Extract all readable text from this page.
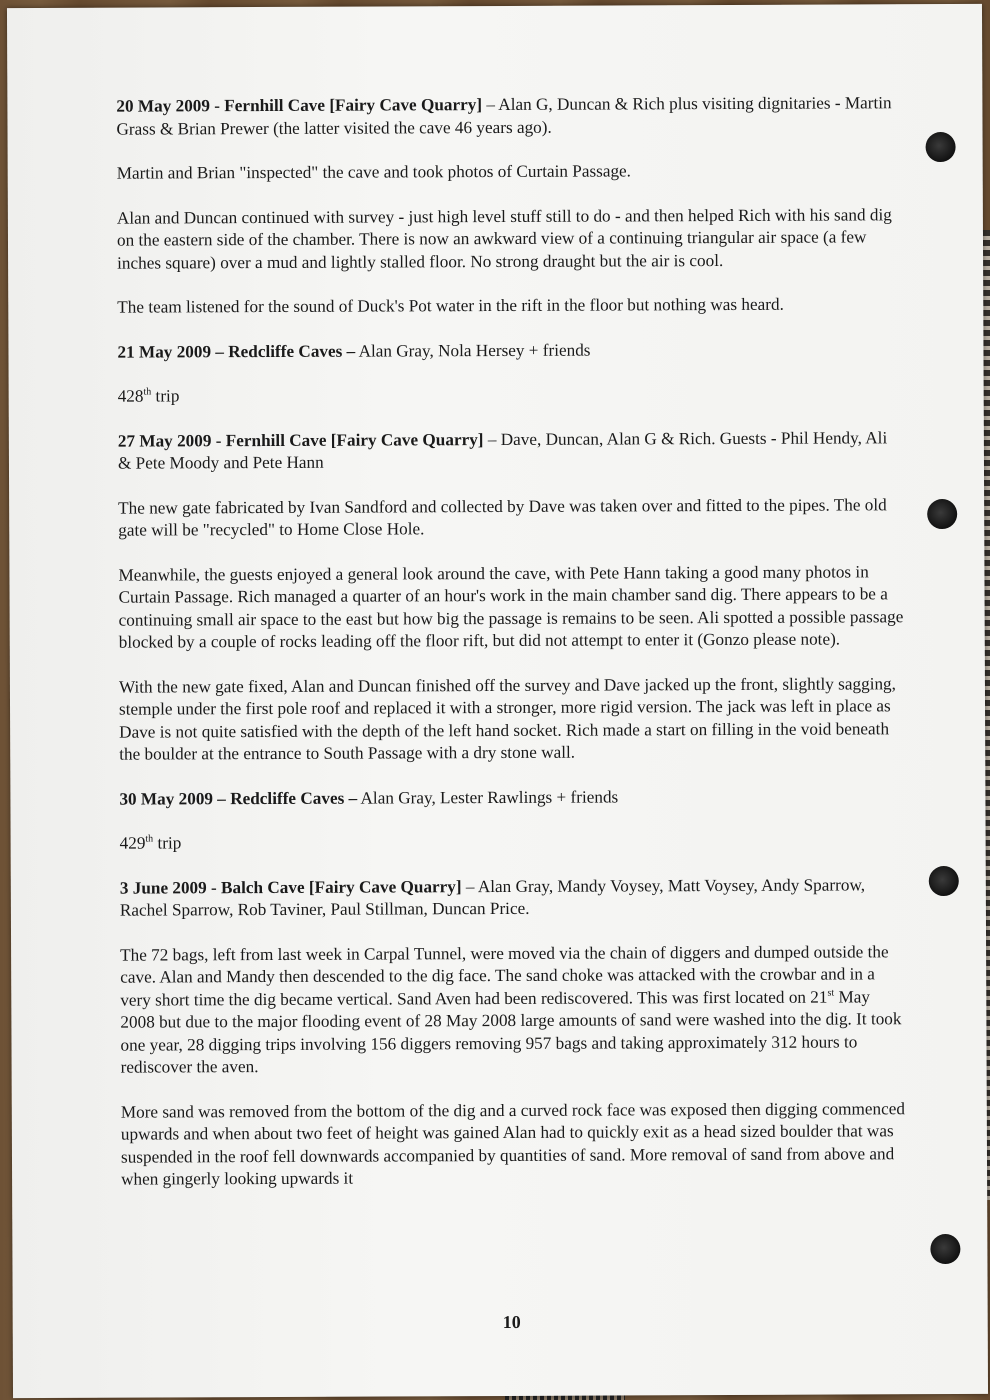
20 May 2009 - Fernhill Cave [Fairy Cave Quarry] – Alan G, Duncan & Rich plus visiting dignitaries - Martin Grass & Brian Prewer (the latter visited the cave 46 years ago).

Martin and Brian "inspected" the cave and took photos of Curtain Passage.

Alan and Duncan continued with survey - just high level stuff still to do - and then helped Rich with his sand dig on the eastern side of the chamber. There is now an awkward view of a continuing triangular air space (a few inches square) over a mud and lightly stalled floor. No strong draught but the air is cool.

The team listened for the sound of Duck's Pot water in the rift in the floor but nothing was heard.

21 May 2009 – Redcliffe Caves – Alan Gray, Nola Hersey + friends

428th trip

27 May 2009 - Fernhill Cave [Fairy Cave Quarry] – Dave, Duncan, Alan G & Rich. Guests - Phil Hendy, Ali & Pete Moody and Pete Hann

The new gate fabricated by Ivan Sandford and collected by Dave was taken over and fitted to the pipes. The old gate will be "recycled" to Home Close Hole.

Meanwhile, the guests enjoyed a general look around the cave, with Pete Hann taking a good many photos in Curtain Passage. Rich managed a quarter of an hour's work in the main chamber sand dig. There appears to be a continuing small air space to the east but how big the passage is remains to be seen. Ali spotted a possible passage blocked by a couple of rocks leading off the floor rift, but did not attempt to enter it (Gonzo please note).

With the new gate fixed, Alan and Duncan finished off the survey and Dave jacked up the front, slightly sagging, stemple under the first pole roof and replaced it with a stronger, more rigid version. The jack was left in place as Dave is not quite satisfied with the depth of the left hand socket. Rich made a start on filling in the void beneath the boulder at the entrance to South Passage with a dry stone wall.

30 May 2009 – Redcliffe Caves – Alan Gray, Lester Rawlings + friends

429th trip

3 June 2009 - Balch Cave [Fairy Cave Quarry] – Alan Gray, Mandy Voysey, Matt Voysey, Andy Sparrow, Rachel Sparrow, Rob Taviner, Paul Stillman, Duncan Price.

The 72 bags, left from last week in Carpal Tunnel, were moved via the chain of diggers and dumped outside the cave. Alan and Mandy then descended to the dig face. The sand choke was attacked with the crowbar and in a very short time the dig became vertical. Sand Aven had been rediscovered. This was first located on 21st May 2008 but due to the major flooding event of 28 May 2008 large amounts of sand were washed into the dig. It took one year, 28 digging trips involving 156 diggers removing 957 bags and taking approximately 312 hours to rediscover the aven.

More sand was removed from the bottom of the dig and a curved rock face was exposed then digging commenced upwards and when about two feet of height was gained Alan had to quickly exit as a head sized boulder that was suspended in the roof fell downwards accompanied by quantities of sand. More removal of sand from above and when gingerly looking upwards it

10
